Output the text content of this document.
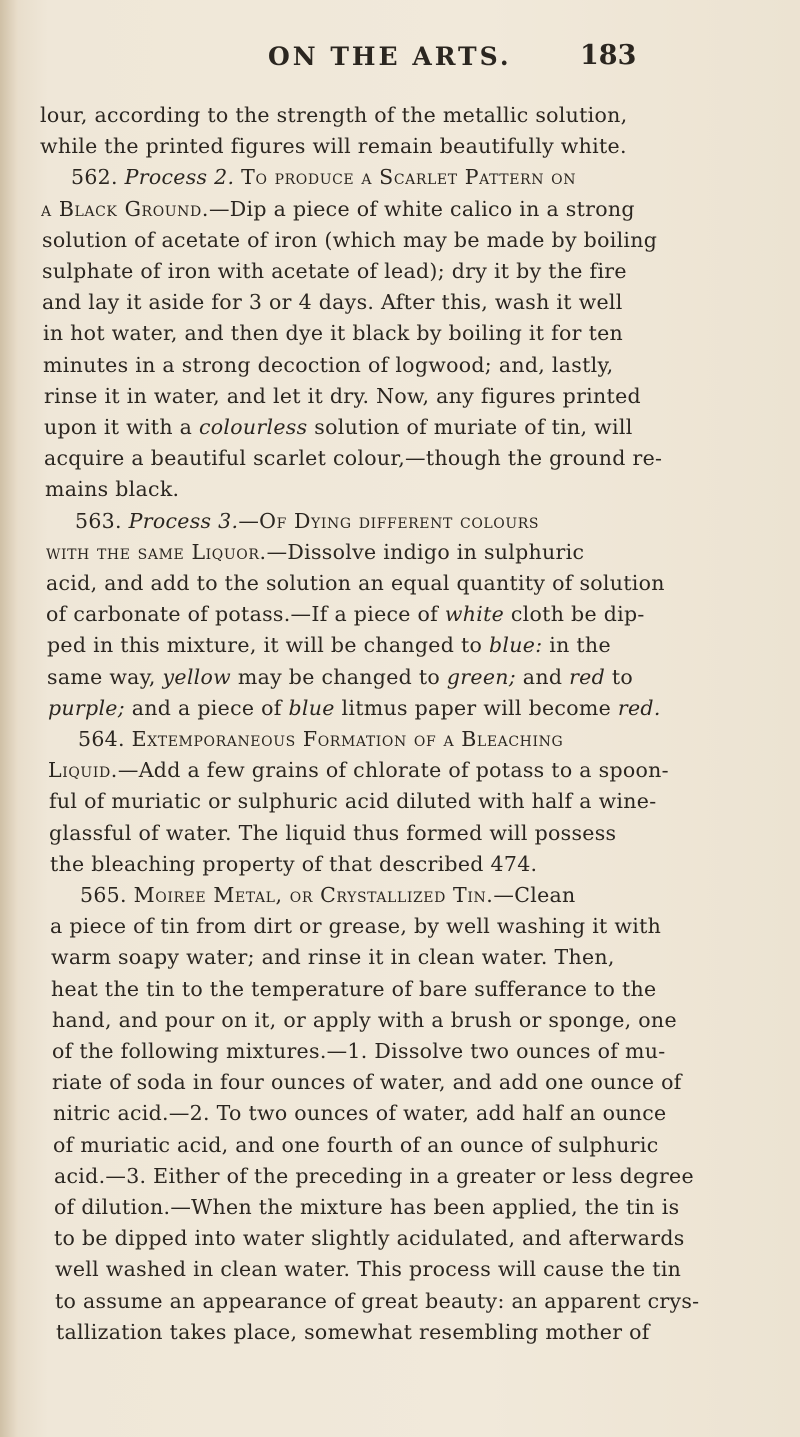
ON THE ARTS.	183
lour, according to the strength of the metallic solution,
while the printed figures will remain beautifully white.
562. Process 2. To produce a Scarlet Pattern on
a Black Ground.—Dip a piece of white calico in a strong
solution of acetate of iron (which may be made by boiling
sulphate of iron with acetate of lead); dry it by the fire
and lay it aside for 3 or 4 days. After this, wash it well
in hot water, and then dye it black by boiling it for ten
minutes in a strong decoction of logwood; and, lastly,
rinse it in water, and let it dry. Now, any figures printed
upon it with a colourless solution of muriate of tin, will
acquire a beautiful scarlet colour,—though the ground re-
mains black.
563. Process 3.—Of Dying different colours
with the same Liquor.—Dissolve indigo in sulphuric
acid, and add to the solution an equal quantity of solution
of carbonate of potass.—If a piece of white cloth be dip-
ped in this mixture, it will be changed to blue: in the
same way, yellow may be changed to green; and red to
purple; and a piece of blue litmus paper will become red.
564. Extemporaneous Formation of a Bleaching
Liquid.—Add a few grains of chlorate of potass to a spoon-
ful of muriatic or sulphuric acid diluted with half a wine-
glassful of water. The liquid thus formed will possess
the bleaching property of that described 474.
565. Moiree Metal, or Crystallized Tin.—Clean
a piece of tin from dirt or grease, by well washing it with
warm soapy water; and rinse it in clean water. Then,
heat the tin to the temperature of bare sufferance to the
hand, and pour on it, or apply with a brush or sponge, one
of the following mixtures.—1. Dissolve two ounces of mu-
riate of soda in four ounces of water, and add one ounce of
nitric acid.—2. To two ounces of water, add half an ounce
of muriatic acid, and one fourth of an ounce of sulphuric
acid.—3. Either of the preceding in a greater or less degree
of dilution.—When the mixture has been applied, the tin is
to be dipped into water slightly acidulated, and afterwards
well washed in clean water. This process will cause the tin
to assume an appearance of great beauty: an apparent crys-
tallization takes place, somewhat resembling mother of
